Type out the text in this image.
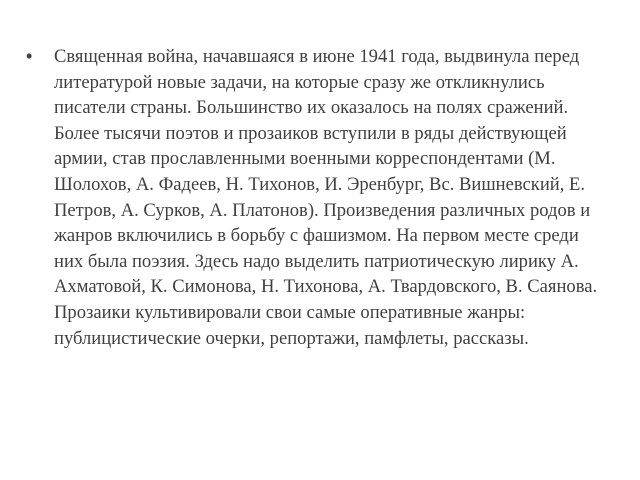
• Священная война, начавшаяся в июне 1941 года, выдвинула перед литературой новые задачи, на которые сразу же откликнулись писатели страны. Большинство их оказалось на полях сражений. Более тысячи поэтов и прозаиков вступили в ряды действующей армии, став прославленными военными корреспондентами (М. Шолохов, А. Фадеев, Н. Тихонов, И. Эренбург, Вс. Вишневский, Е. Петров, А. Сурков, А. Платонов). Произведения различных родов и жанров включились в борьбу с фашизмом. На первом месте среди них была поэзия. Здесь надо выделить патриотическую лирику А. Ахматовой, К. Симонова, Н. Тихонова, А. Твардовского, В. Саянова. Прозаики культивировали свои самые оперативные жанры: публицистические очерки, репортажи, памфлеты, рассказы.
